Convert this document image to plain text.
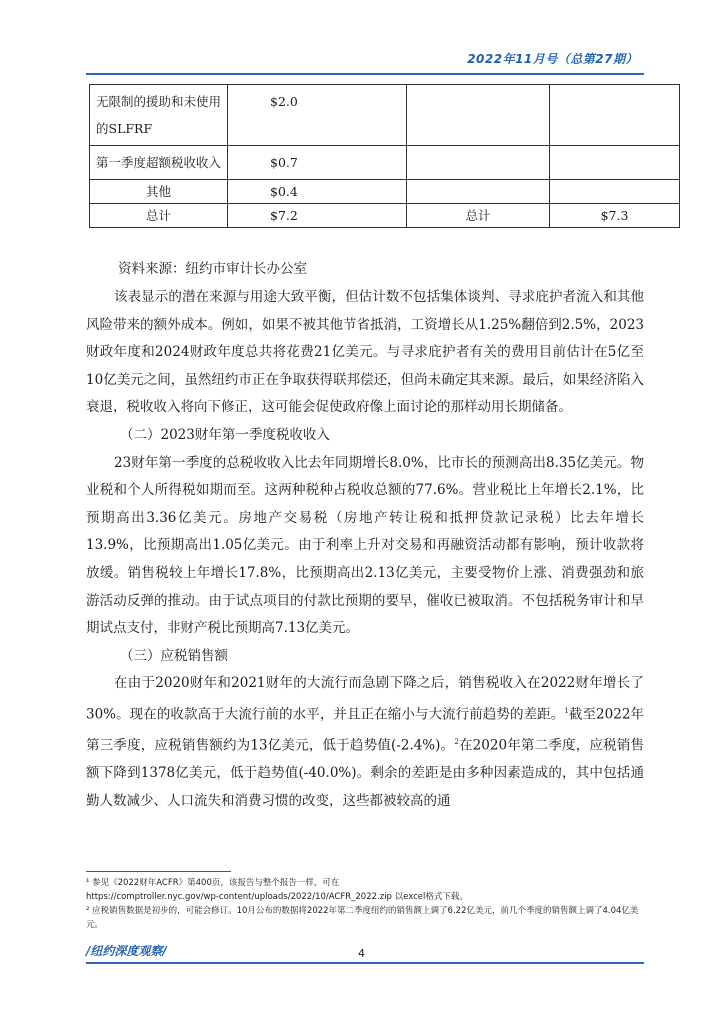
2022年11月号（总第27期）
无限制的援助和未使用的SLFRF	$2.0		
第一季度超额税收收入	$0.7		
其他	$0.4		
总计	$7.2	总计	$7.3
资料来源：纽约市审计长办公室

该表显示的潜在来源与用途大致平衡，但估计数不包括集体谈判、寻求庇护者流入和其他风险带来的额外成本。例如，如果不被其他节省抵消，工资增长从1.25%翻倍到2.5%，2023财政年度和2024财政年度总共将花费21亿美元。与寻求庇护者有关的费用目前估计在5亿至10亿美元之间，虽然纽约市正在争取获得联邦偿还，但尚未确定其来源。最后，如果经济陷入衰退，税收收入将向下修正，这可能会促使政府像上面讨论的那样动用长期储备。

（二）2023财年第一季度税收收入

23财年第一季度的总税收收入比去年同期增长8.0%，比市长的预测高出8.35亿美元。物业税和个人所得税如期而至。这两种税种占税收总额的77.6%。营业税比上年增长2.1%，比预期高出3.36亿美元。房地产交易税（房地产转让税和抵押贷款记录税）比去年增长13.9%，比预期高出1.05亿美元。由于利率上升对交易和再融资活动都有影响，预计收款将放缓。销售税较上年增长17.8%，比预期高出2.13亿美元，主要受物价上涨、消费强劲和旅游活动反弹的推动。由于试点项目的付款比预期的要早，催收已被取消。不包括税务审计和早期试点支付，非财产税比预期高7.13亿美元。

（三）应税销售额

在由于2020财年和2021财年的大流行而急剧下降之后，销售税收入在2022财年增长了30%。现在的收款高于大流行前的水平，并且正在缩小与大流行前趋势的差距。$^1$截至2022年第三季度，应税销售额约为13亿美元，低于趋势值(-2.4%)。$^2$在2020年第二季度，应税销售额下降到1378亿美元，低于趋势值(-40.0%)。剩余的差距是由多种因素造成的，其中包括通勤人数减少、人口流失和消费习惯的改变，这些都被较高的通

¹ 参见《2022财年ACFR》第400页，该报告与整个报告一样，可在

https://comptroller.nyc.gov/wp-content/uploads/2022/10/ACFR_2022.zip 以excel格式下载。

² 应税销售数据是初步的，可能会修订。10月公布的数据将2022年第二季度纽约的销售额上调了6.22亿美元，前几个季度的销售额上调了4.04亿美元。

/纽约深度观察/	4
